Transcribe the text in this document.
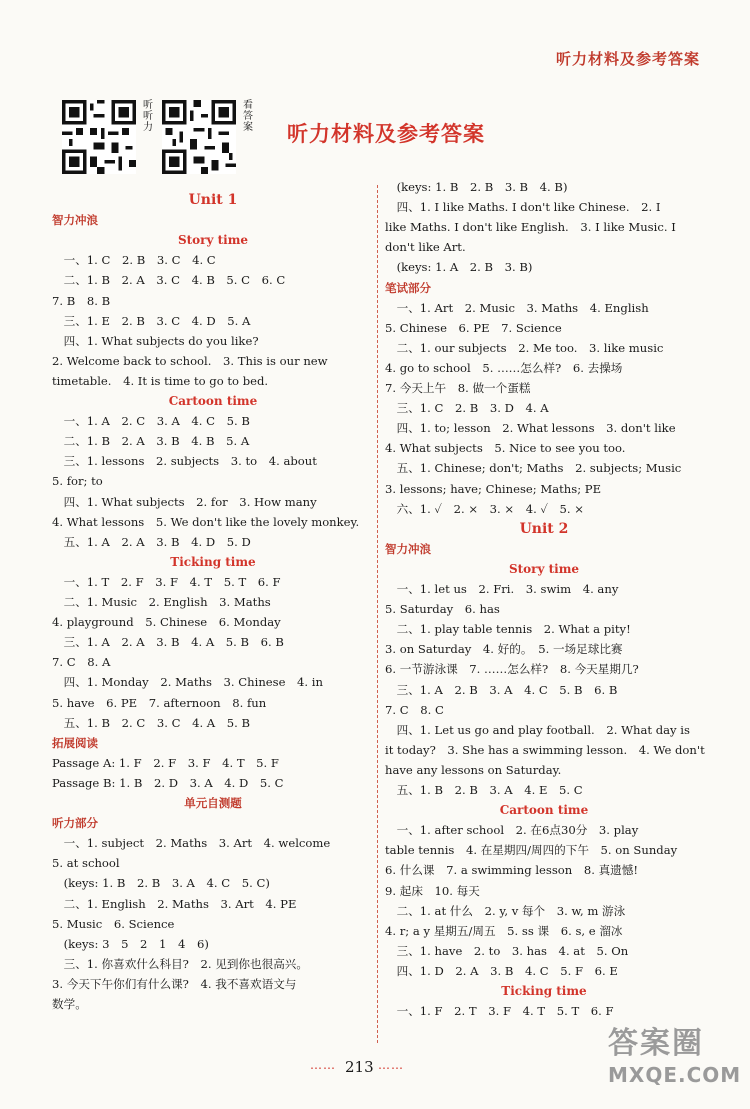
听力材料及参考答案
听听力
看答案 听力材料及参考答案
Unit 1
智力冲浪
Story time
　一、1. C　2. B　3. C　4. C
　二、1. B　2. A　3. C　4. B　5. C　6. C
7. B　8. B
　三、1. E　2. B　3. C　4. D　5. A
　四、1. What subjects do you like?
2. Welcome back to school.　3. This is our new
timetable.　4. It is time to go to bed.
Cartoon time
　一、1. A　2. C　3. A　4. C　5. B
　二、1. B　2. A　3. B　4. B　5. A
　三、1. lessons　2. subjects　3. to　4. about
5. for; to
　四、1. What subjects　2. for　3. How many
4. What lessons　5. We don't like the lovely monkey.
　五、1. A　2. A　3. B　4. D　5. D
Ticking time
　一、1. T　2. F　3. F　4. T　5. T　6. F
　二、1. Music　2. English　3. Maths
4. playground　5. Chinese　6. Monday
　三、1. A　2. A　3. B　4. A　5. B　6. B
7. C　8. A
　四、1. Monday　2. Maths　3. Chinese　4. in
5. have　6. PE　7. afternoon　8. fun
　五、1. B　2. C　3. C　4. A　5. B
拓展阅读
Passage A: 1. F　2. F　3. F　4. T　5. F
Passage B: 1. B　2. D　3. A　4. D　5. C
单元自测题
听力部分
　一、1. subject　2. Maths　3. Art　4. welcome
5. at school
　(keys: 1. B　2. B　3. A　4. C　5. C)
　二、1. English　2. Maths　3. Art　4. PE
5. Music　6. Science
　(keys: 3　5　2　1　4　6)
　三、1. 你喜欢什么科目?　2. 见到你也很高兴。
3. 今天下午你们有什么课?　4. 我不喜欢语文与
数学。
　(keys: 1. B　2. B　3. B　4. B)
　四、1. I like Maths. I don't like Chinese.　2. I
like Maths. I don't like English.　3. I like Music. I
don't like Art.
　(keys: 1. A　2. B　3. B)
笔试部分
　一、1. Art　2. Music　3. Maths　4. English
5. Chinese　6. PE　7. Science
　二、1. our subjects　2. Me too.　3. like music
4. go to school　5. ……怎么样?　6. 去操场
7. 今天上午　8. 做一个蛋糕
　三、1. C　2. B　3. D　4. A
　四、1. to; lesson　2. What lessons　3. don't like
4. What subjects　5. Nice to see you too.
　五、1. Chinese; don't; Maths　2. subjects; Music
3. lessons; have; Chinese; Maths; PE
　六、1. ✓　2. ×　3. ×　4. ✓　5. ×
Unit 2
智力冲浪
Story time
　一、1. let us　2. Fri.　3. swim　4. any
5. Saturday　6. has
　二、1. play table tennis　2. What a pity!
3. on Saturday　4. 好的。　5. 一场足球比赛
6. 一节游泳课　7. ……怎么样?　8. 今天星期几?
　三、1. A　2. B　3. A　4. C　5. B　6. B
7. C　8. C
　四、1. Let us go and play football.　2. What day is
it today?　3. She has a swimming lesson.　4. We don't
have any lessons on Saturday.
　五、1. B　2. B　3. A　4. E　5. C
Cartoon time
　一、1. after school　2. 在6点30分　3. play
table tennis　4. 在星期四/周四的下午　5. on Sunday
6. 什么课　7. a swimming lesson　8. 真遗憾!
9. 起床　10. 每天
　二、1. at 什么　2. y, v 每个　3. w, m 游泳
4. r; a y 星期五/周五　5. ss 课　6. s, e 溜冰
　三、1. have　2. to　3. has　4. at　5. On
　四、1. D　2. A　3. B　4. C　5. F　6. E
Ticking time
　一、1. F　2. T　3. F　4. T　5. T　6. F
…… 213 ……
答案圈
MXQE.COM
